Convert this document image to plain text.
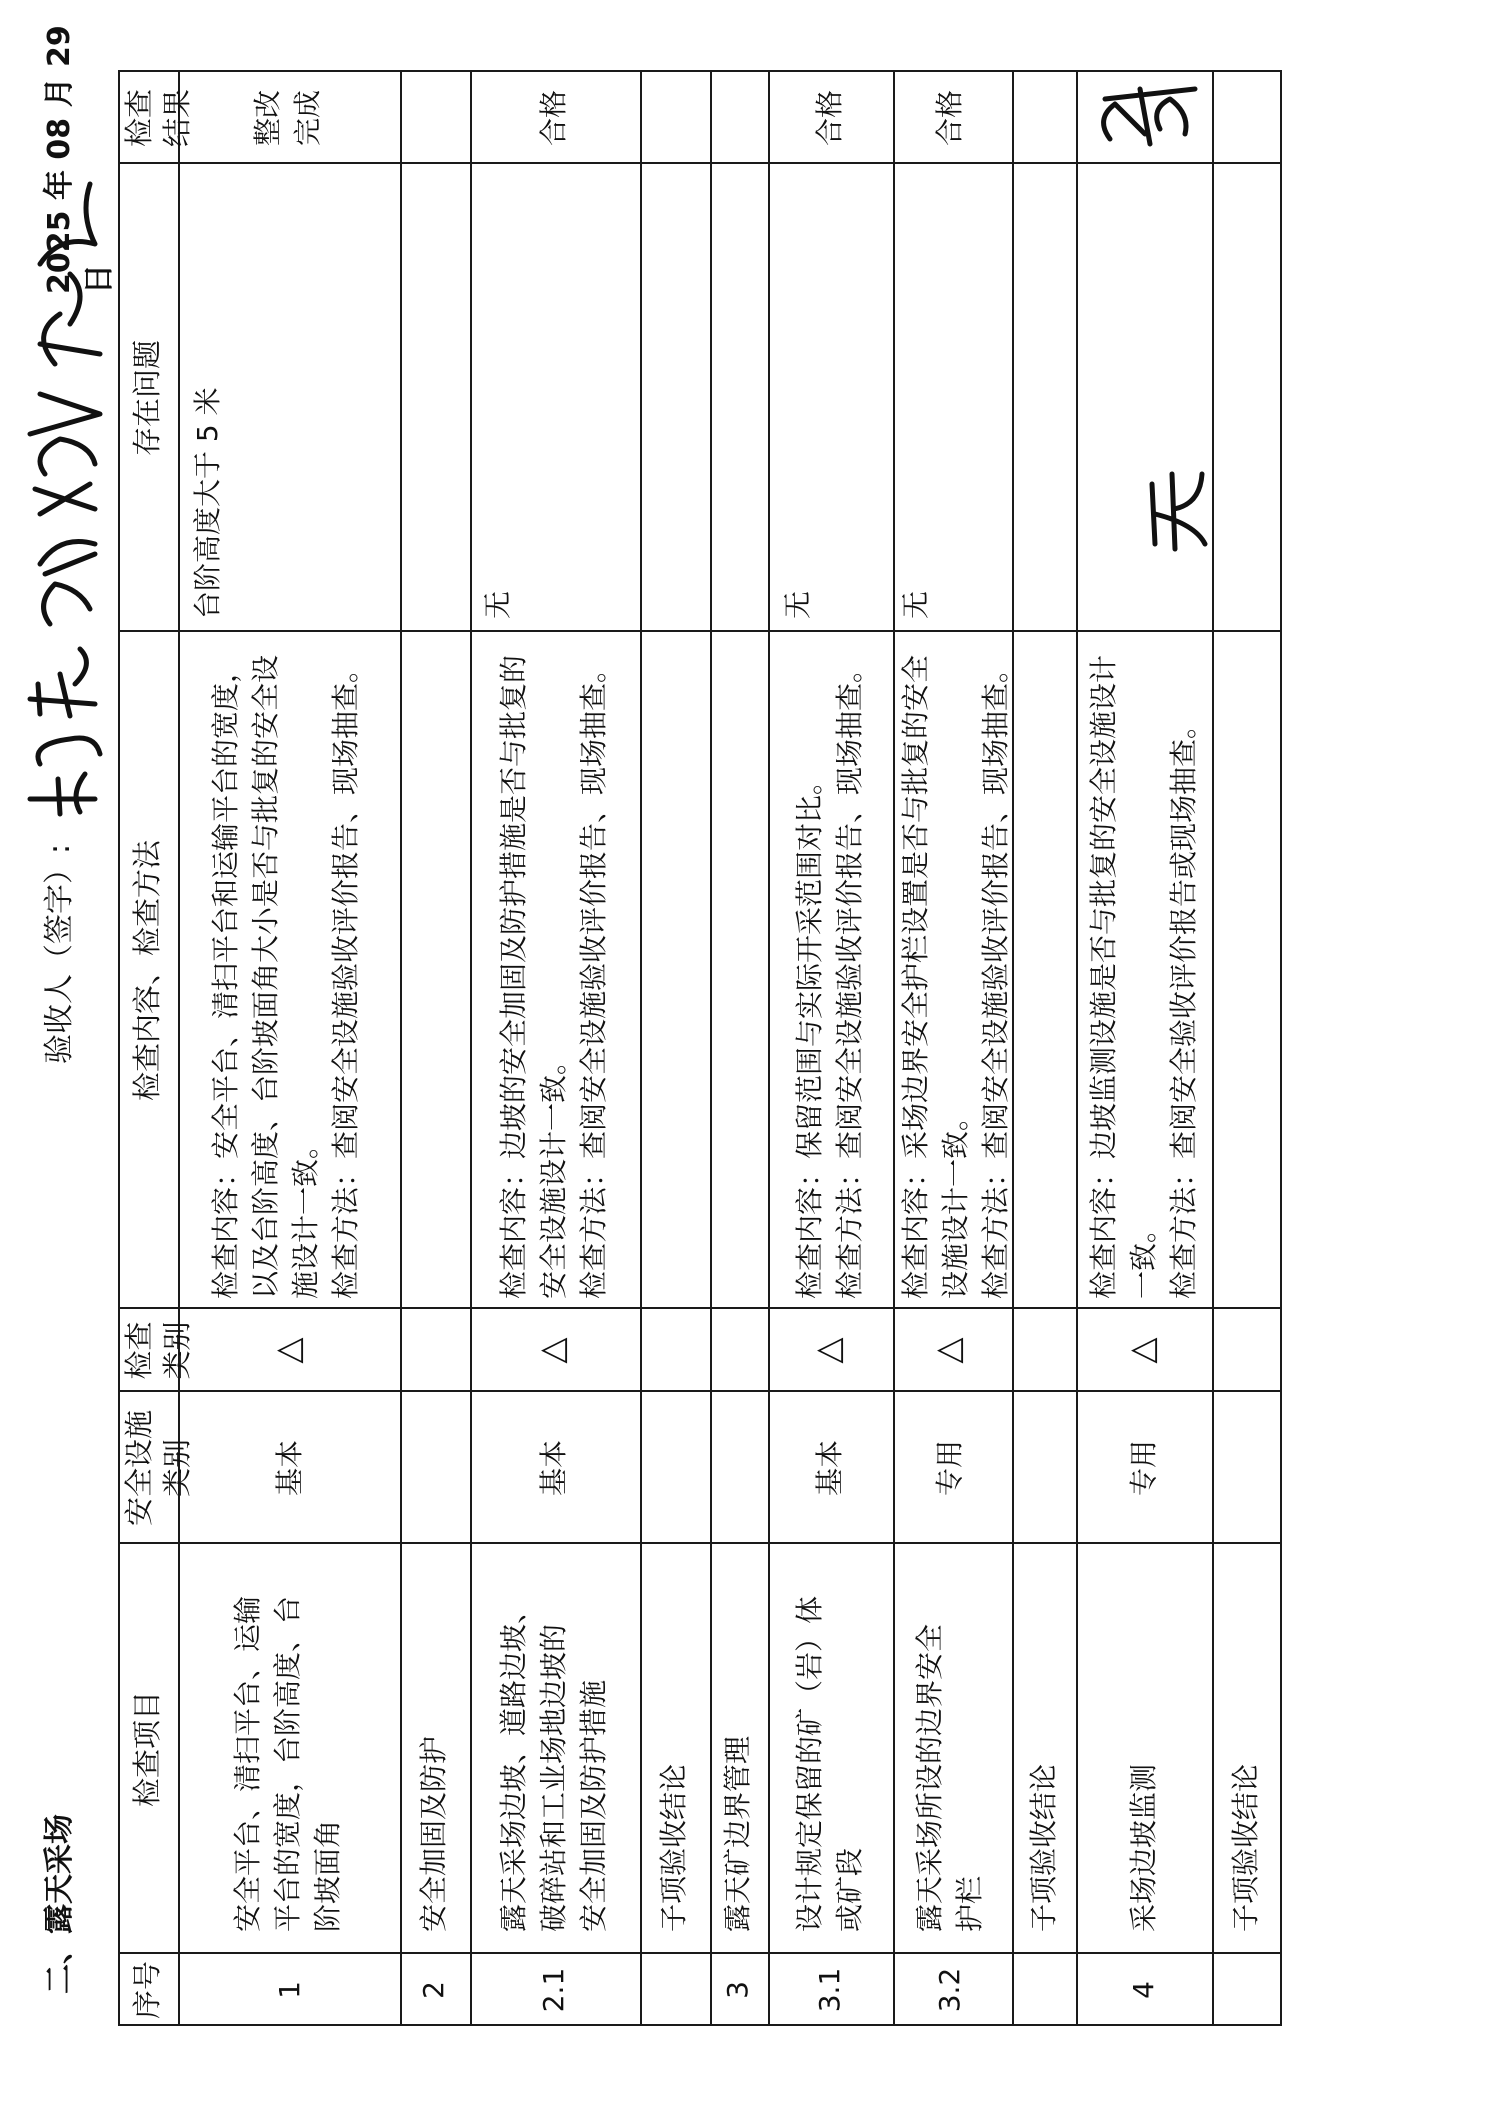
二、露天采场
验收人（签字）:
2025 年 08 月 29 日
序号
检查项目
安全设施
类别
检查
类别
检查内容、检查方法
存在问题
检查
结果
1
安全平台、清扫平台、运输
平台的宽度，台阶高度、台
阶坡面角
基本
△
检查内容：安全平台、清扫平台和运输平台的宽度，
以及台阶高度、台阶坡面角大小是否与批复的安全设
施设计一致。
检查方法：查阅安全设施验收评价报告、现场抽查。
台阶高度大于 5 米
整改
完成
2
安全加固及防护
2.1
露天采场边坡、道路边坡、
破碎站和工业场地边坡的
安全加固及防护措施
基本
△
检查内容：边坡的安全加固及防护措施是否与批复的
安全设施设计一致。
检查方法：查阅安全设施验收评价报告、现场抽查。
无
合格
子项验收结论
3
露天矿边界管理
3.1
设计规定保留的矿（岩）体
或矿段
基本
△
检查内容：保留范围与实际开采范围对比。
检查方法：查阅安全设施验收评价报告、现场抽查。
无
合格
3.2
露天采场所设的边界安全
护栏
专用
△
检查内容：采场边界安全护栏设置是否与批复的安全
设施设计一致。
检查方法：查阅安全设施验收评价报告、现场抽查。
无
合格
子项验收结论
4
采场边坡监测
专用
△
检查内容：边坡监测设施是否与批复的安全设施设计
一致。
检查方法：查阅安全验收评价报告或现场抽查。
子项验收结论
